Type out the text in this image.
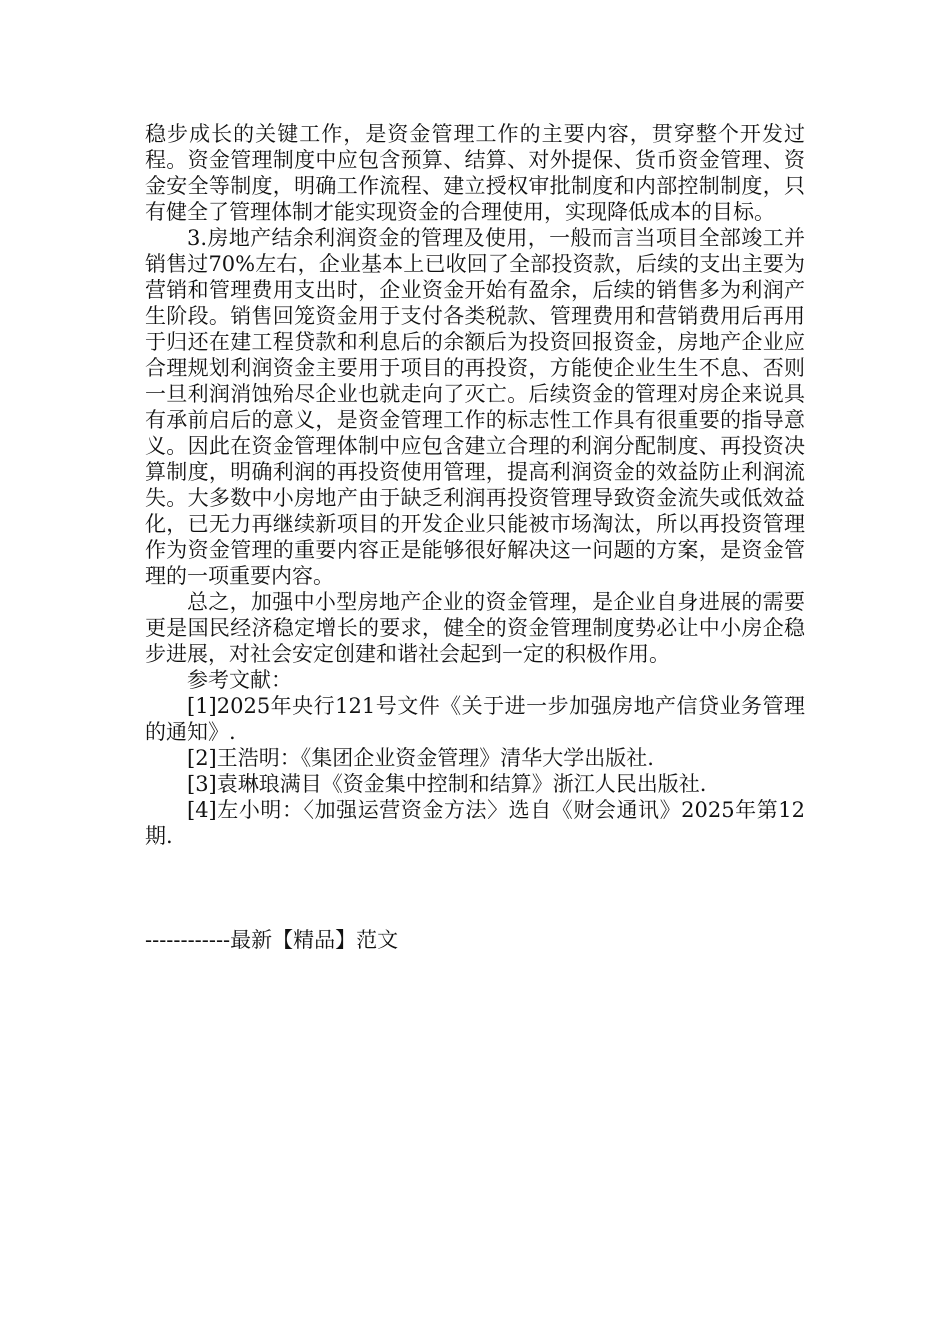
稳步成长的关键工作，是资金管理工作的主要内容，贯穿整个开发过程。资金管理制度中应包含预算、结算、对外提保、货币资金管理、资金安全等制度，明确工作流程、建立授权审批制度和内部控制制度，只有健全了管理体制才能实现资金的合理使用，实现降低成本的目标。

3.房地产结余利润资金的管理及使用，一般而言当项目全部竣工并销售过70%左右，企业基本上已收回了全部投资款，后续的支出主要为营销和管理费用支出时，企业资金开始有盈余，后续的销售多为利润产生阶段。销售回笼资金用于支付各类税款、管理费用和营销费用后再用于归还在建工程贷款和利息后的余额后为投资回报资金，房地产企业应合理规划利润资金主要用于项目的再投资，方能使企业生生不息、否则一旦利润消蚀殆尽企业也就走向了灭亡。后续资金的管理对房企来说具有承前启后的意义，是资金管理工作的标志性工作具有很重要的指导意义。因此在资金管理体制中应包含建立合理的利润分配制度、再投资决算制度，明确利润的再投资使用管理，提高利润资金的效益防止利润流失。大多数中小房地产由于缺乏利润再投资管理导致资金流失或低效益化，已无力再继续新项目的开发企业只能被市场淘汰，所以再投资管理作为资金管理的重要内容正是能够很好解决这一问题的方案，是资金管理的一项重要内容。

总之，加强中小型房地产企业的资金管理，是企业自身进展的需要更是国民经济稳定增长的要求，健全的资金管理制度势必让中小房企稳步进展，对社会安定创建和谐社会起到一定的积极作用。

参考文献：

[1]2025年央行121号文件《关于进一步加强房地产信贷业务管理的通知》.

[2]王浩明：《集团企业资金管理》清华大学出版社.

[3]袁琳琅满目《资金集中控制和结算》浙江人民出版社.

[4]左小明：〈加强运营资金方法〉选自《财会通讯》2025年第12期.

------------最新【精品】范文
